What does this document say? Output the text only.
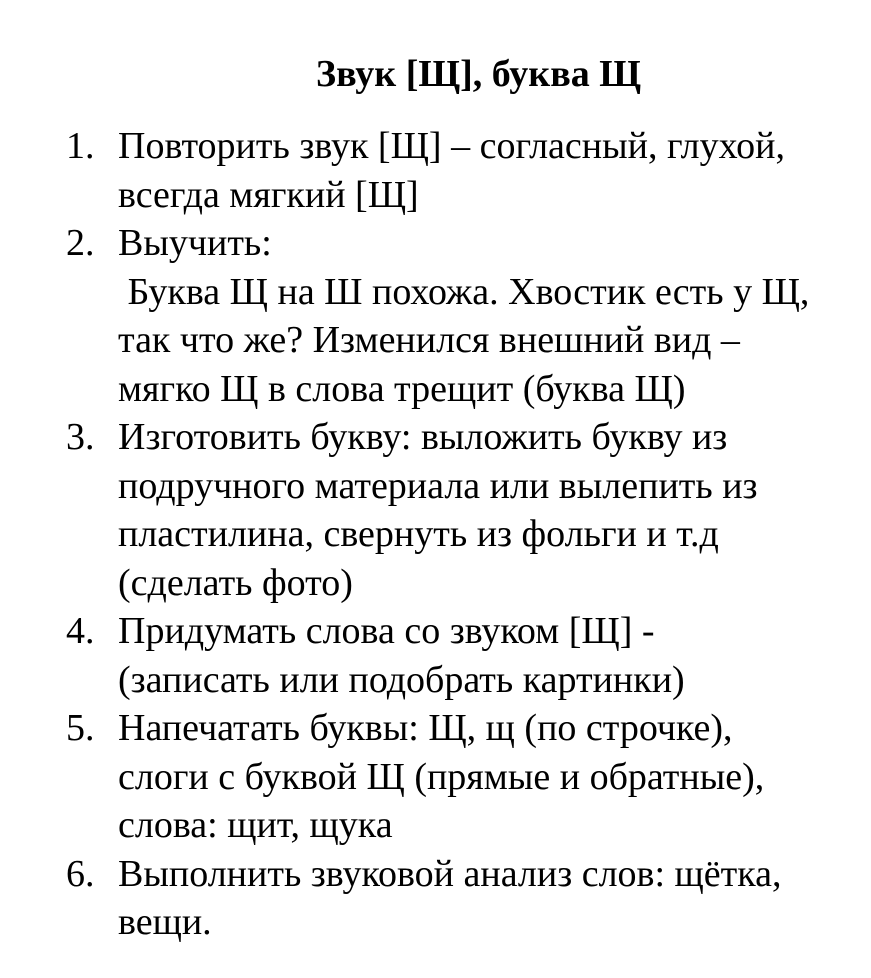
Звук [Щ], буква Щ
1. Повторить звук [Щ] – согласный, глухой,
всегда мягкий [Щ]
2. Выучить:
Буква Щ на Ш похожа. Хвостик есть у Щ,
так что же? Изменился внешний вид –
мягко Щ в слова трещит (буква Щ)
3. Изготовить букву: выложить букву из
подручного материала или вылепить из
пластилина, свернуть из фольги и т.д
(сделать фото)
4. Придумать слова со звуком [Щ] -
(записать или подобрать картинки)
5. Напечатать буквы: Щ, щ (по строчке),
слоги с буквой Щ (прямые и обратные),
слова: щит, щука
6. Выполнить звуковой анализ слов: щётка,
вещи.
